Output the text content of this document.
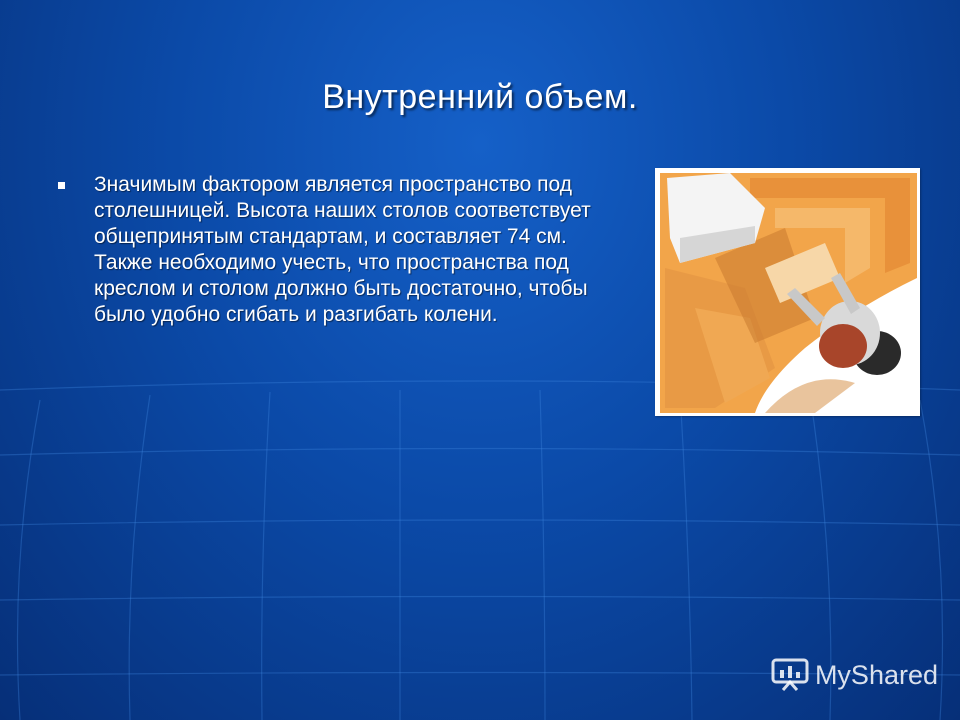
Внутренний объем.
Значимым фактором является пространство под столешницей. Высота наших столов соответствует общепринятым стандартам, и составляет 74 см. Также необходимо учесть, что пространства под креслом и столом должно быть достаточно, чтобы было удобно сгибать и разгибать колени.
MyShared
